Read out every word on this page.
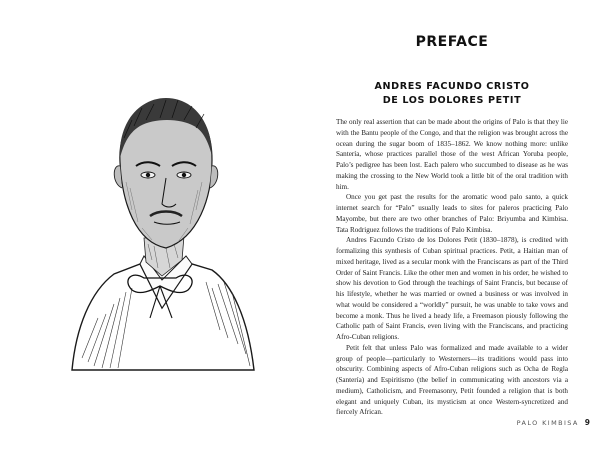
PREFACE
ANDRES FACUNDO CRISTO
DE LOS DOLORES PETIT

The only real assertion that can be made about the origins of Palo is that they lie with the Bantu people of the Congo, and that the religion was brought across the ocean during the sugar boom of 1835–1862. We know nothing more: unlike Santería, whose practices parallel those of the west African Yoruba people, Palo’s pedigree has been lost. Each palero who succumbed to disease as he was making the crossing to the New World took a little bit of the oral tradition with him.

Once you get past the results for the aromatic wood palo santo, a quick internet search for “Palo” usually leads to sites for paleros practicing Palo Mayombe, but there are two other branches of Palo: Briyumba and Kimbisa. Tata Rodriguez follows the traditions of Palo Kimbisa.

Andres Facundo Cristo de los Dolores Petit (1830–1878), is credited with formalizing this synthesis of Cuban spiritual practices. Petit, a Haitian man of mixed heritage, lived as a secular monk with the Franciscans as part of the Third Order of Saint Francis. Like the other men and women in his order, he wished to show his devotion to God through the teachings of Saint Francis, but because of his lifestyle, whether he was married or owned a business or was involved in what would be considered a “worldly” pursuit, he was unable to take vows and become a monk. Thus he lived a heady life, a Freemason piously following the Catholic path of Saint Francis, even living with the Franciscans, and practicing Afro-Cuban religions.

Petit felt that unless Palo was formalized and made available to a wider group of people—particularly to Westerners—its traditions would pass into obscurity. Combining aspects of Afro-Cuban religions such as Ocha de Regla (Santería) and Espiritismo (the belief in communicating with ancestors via a medium), Catholicism, and Freemasonry, Petit founded a religion that is both elegant and uniquely Cuban, its mysticism at once Western-syncretized and fiercely African.

PALO KIMBISA 9
